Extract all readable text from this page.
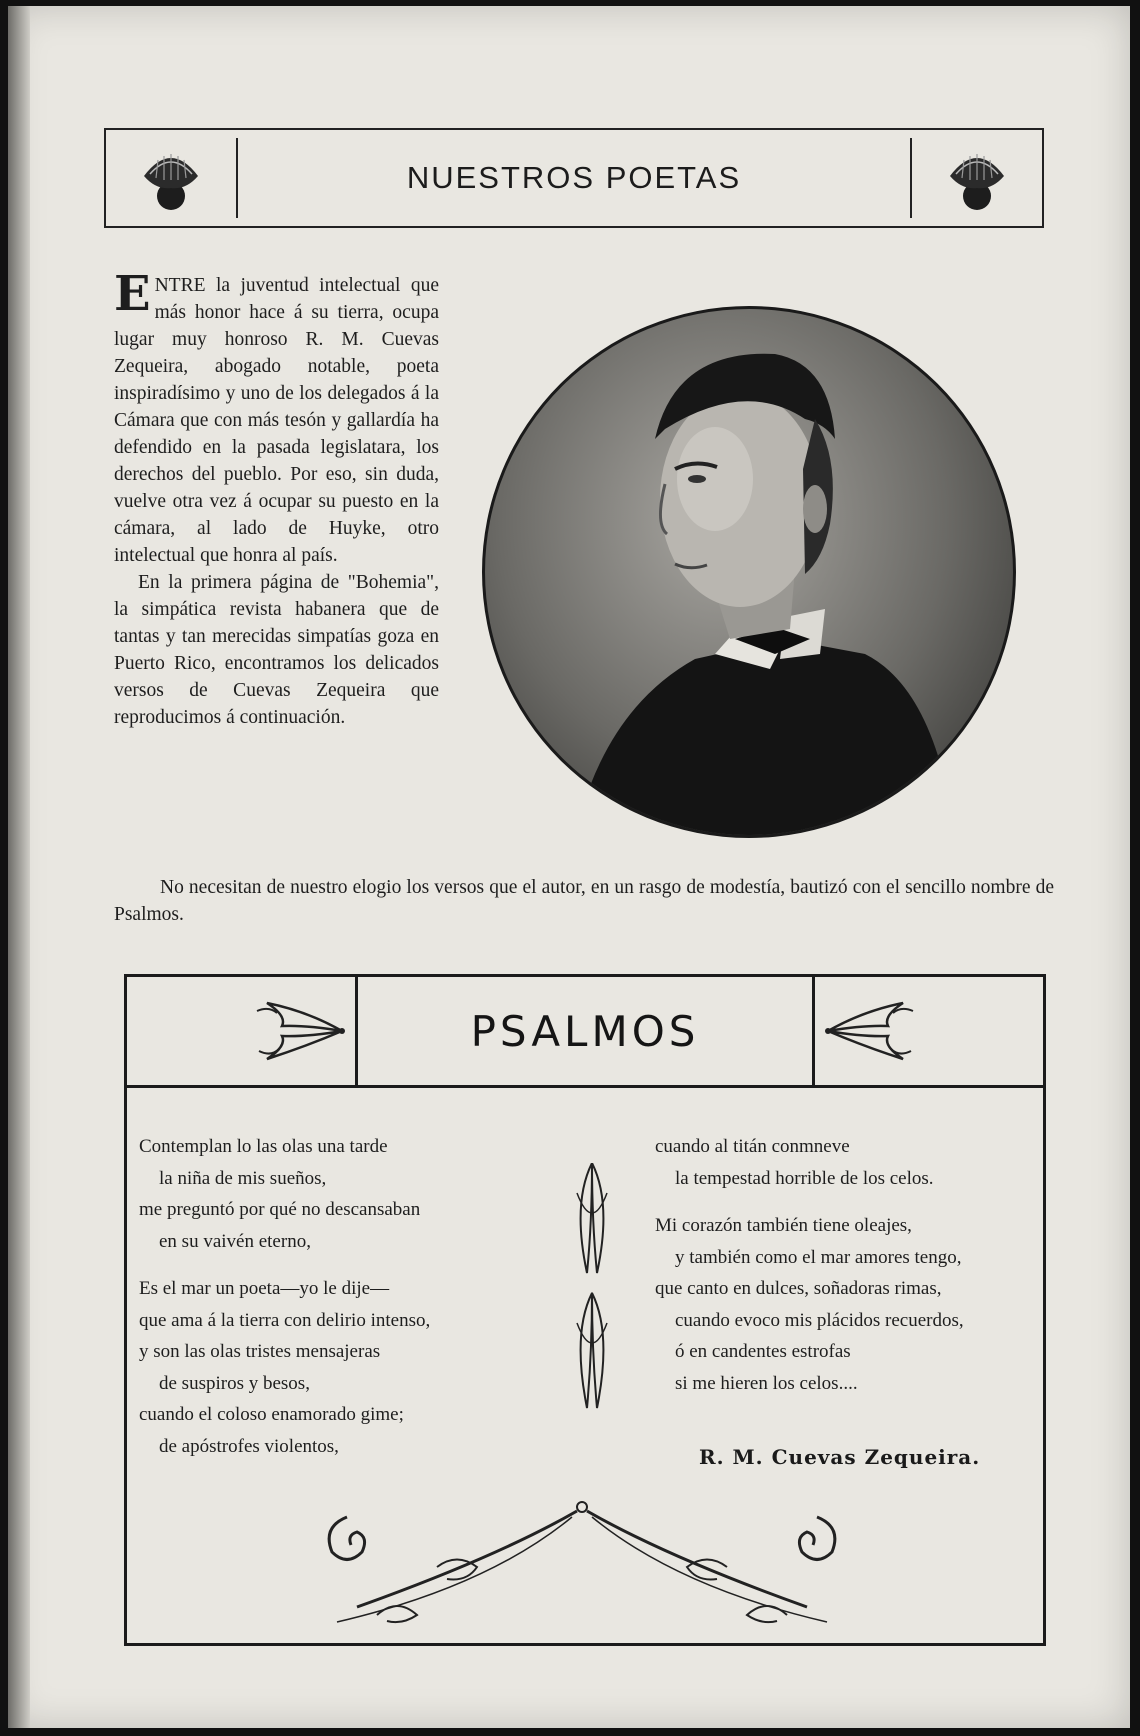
NUESTROS POETAS

ENTRE la juventud intelectual que más honor hace á su tierra, ocupa lugar muy honroso R. M. Cuevas Zequeira, abogado notable, poeta inspiradísimo y uno de los delegados á la Cámara que con más tesón y gallardía ha defendido en la pasada legislatara, los derechos del pueblo. Por eso, sin duda, vuelve otra vez á ocupar su puesto en la cámara, al lado de Huyke, otro intelectual que honra al país.

En la primera página de "Bohemia", la simpática revista habanera que de tantas y tan merecidas simpatías goza en Puerto Rico, encontramos los delicados versos de Cuevas Zequeira que reproducimos á continuación.

No necesitan de nuestro elogio los versos que el autor, en un rasgo de modestía, bautizó con el sencillo nombre de Psalmos.
PSALMOS
Contemplan lo las olas una tarde
la niña de mis sueños,
me preguntó por qué no descansaban
en su vaivén eterno,
Es el mar un poeta—yo le dije—
que ama á la tierra con delirio intenso,
y son las olas tristes mensajeras
de suspiros y besos,
cuando el coloso enamorado gime;
de apóstrofes violentos,
cuando al titán conmneve
la tempestad horrible de los celos.
Mi corazón también tiene oleajes,
y también como el mar amores tengo,
que canto en dulces, soñadoras rimas,
cuando evoco mis plácidos recuerdos,
ó en candentes estrofas
si me hieren los celos....
R. M. Cuevas Zequeira.
